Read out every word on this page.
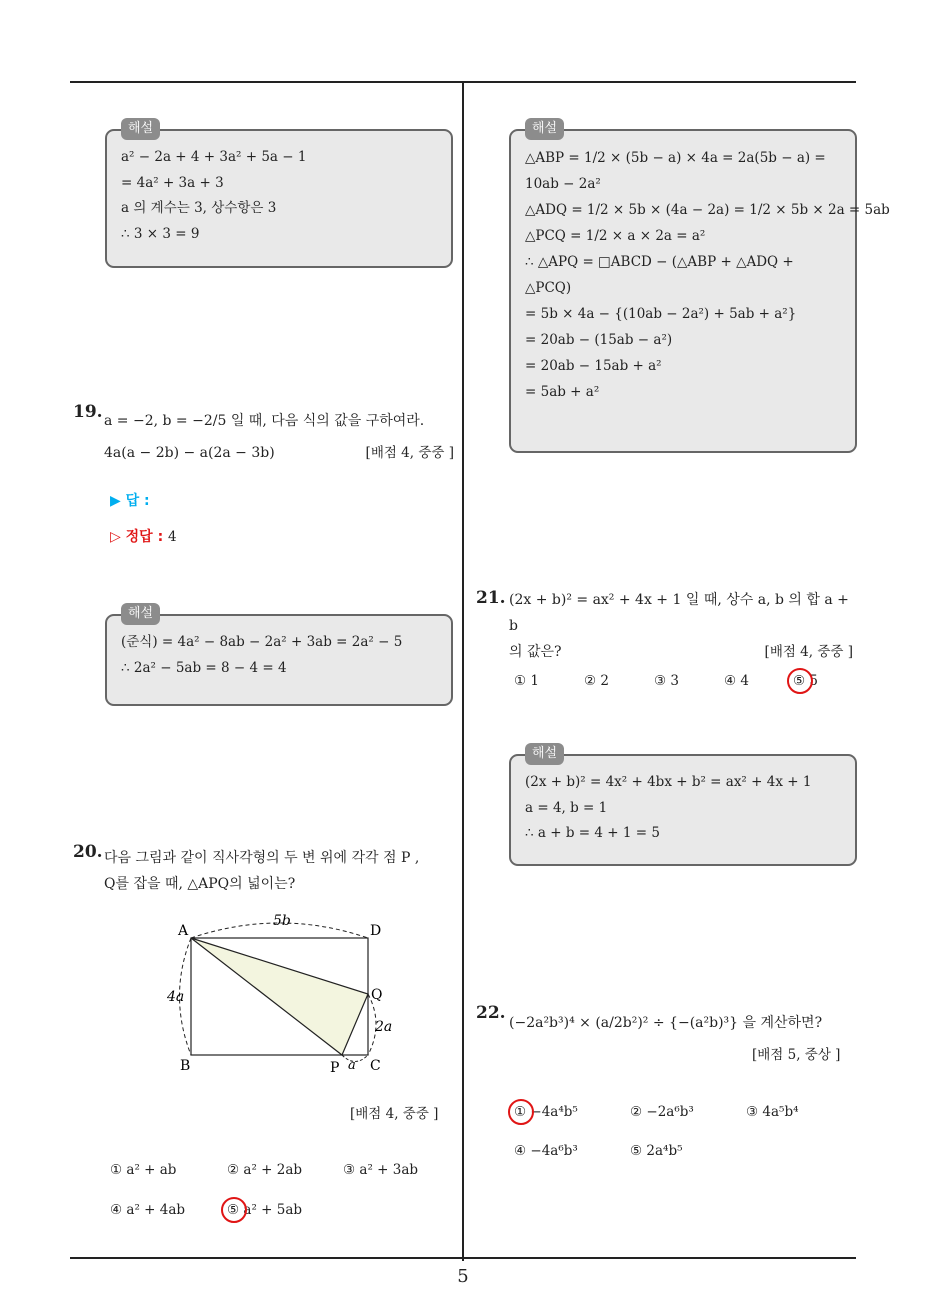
5
해설
a² − 2a + 4 + 3a² + 5a − 1
= 4a² + 3a + 3
a 의 계수는 3, 상수항은 3
∴ 3 × 3 = 9
19. a = −2, b = −2/5 일 때, 다음 식의 값을 구하여라.
4a(a − 2b) − a(2a − 3b)	[배점 4, 중중 ]
▶ 답 :
▷ 정답 : 4
해설
(준식) = 4a² − 8ab − 2a² + 3ab = 2a² − 5
∴ 2a² − 5ab = 8 − 4 = 4
20. 다음 그림과 같이 직사각형의 두 변 위에 각각 점 P ,
Q를 잡을 때, △APQ의 넓이는?
A	D
B	C
P
Q
5b
4a
2a
a
[배점 4, 중중 ]
① a² + ab	② a² + 2ab	③ a² + 3ab
④ a² + 4ab	⑤ a² + 5ab
해설
△ABP = 1/2 × (5b − a) × 4a = 2a(5b − a) =
10ab − 2a²
△ADQ = 1/2 × 5b × (4a − 2a) = 1/2 × 5b × 2a = 5ab
△PCQ = 1/2 × a × 2a = a²
∴ △APQ = □ABCD − (△ABP + △ADQ +
△PCQ)
= 5b × 4a − {(10ab − 2a²) + 5ab + a²}
= 20ab − (15ab − a²)
= 20ab − 15ab + a²
= 5ab + a²
21. (2x + b)² = ax² + 4x + 1 일 때, 상수 a, b 의 합 a + b
의 값은?	[배점 4, 중중 ]
① 1	② 2	③ 3	④ 4	⑤ 5
해설
(2x + b)² = 4x² + 4bx + b² = ax² + 4x + 1
a = 4, b = 1
∴ a + b = 4 + 1 = 5
22. (−2a²b³)⁴ × (a/2b²)² ÷ {−(a²b)³} 을 계산하면?
[배점 5, 중상 ]
① −4a⁴b⁵	② −2a⁶b³	③ 4a⁵b⁴
④ −4a⁶b³	⑤ 2a⁴b⁵
